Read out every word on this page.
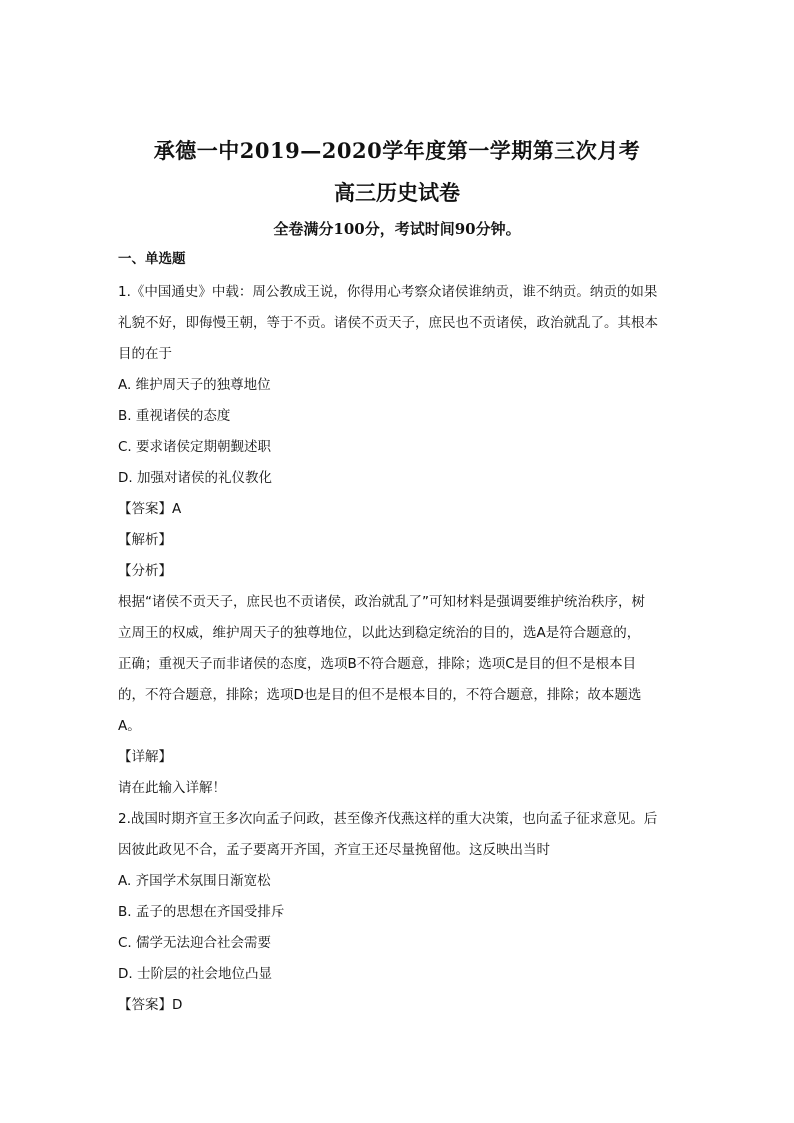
承德一中2019—2020学年度第一学期第三次月考
高三历史试卷
全卷满分100分，考试时间90分钟。
一、单选题
1.《中国通史》中载：周公教成王说，你得用心考察众诸侯谁纳贡，谁不纳贡。纳贡的如果
礼貌不好，即侮慢王朝，等于不贡。诸侯不贡天子，庶民也不贡诸侯，政治就乱了。其根本
目的在于
A. 维护周天子的独尊地位
B. 重视诸侯的态度
C. 要求诸侯定期朝觐述职
D. 加强对诸侯的礼仪教化
【答案】A
【解析】
【分析】
根据“诸侯不贡天子，庶民也不贡诸侯，政治就乱了”可知材料是强调要维护统治秩序，树
立周王的权威，维护周天子的独尊地位，以此达到稳定统治的目的，选A是符合题意的，
正确；重视天子而非诸侯的态度，选项B不符合题意，排除；选项C是目的但不是根本目
的，不符合题意，排除；选项D也是目的但不是根本目的，不符合题意，排除；故本题选
A。
【详解】
请在此输入详解！
2.战国时期齐宣王多次向孟子问政，甚至像齐伐燕这样的重大决策，也向孟子征求意见。后
因彼此政见不合，孟子要离开齐国，齐宣王还尽量挽留他。这反映出当时
A. 齐国学术氛围日渐宽松
B. 孟子的思想在齐国受排斥
C. 儒学无法迎合社会需要
D. 士阶层的社会地位凸显
【答案】D
